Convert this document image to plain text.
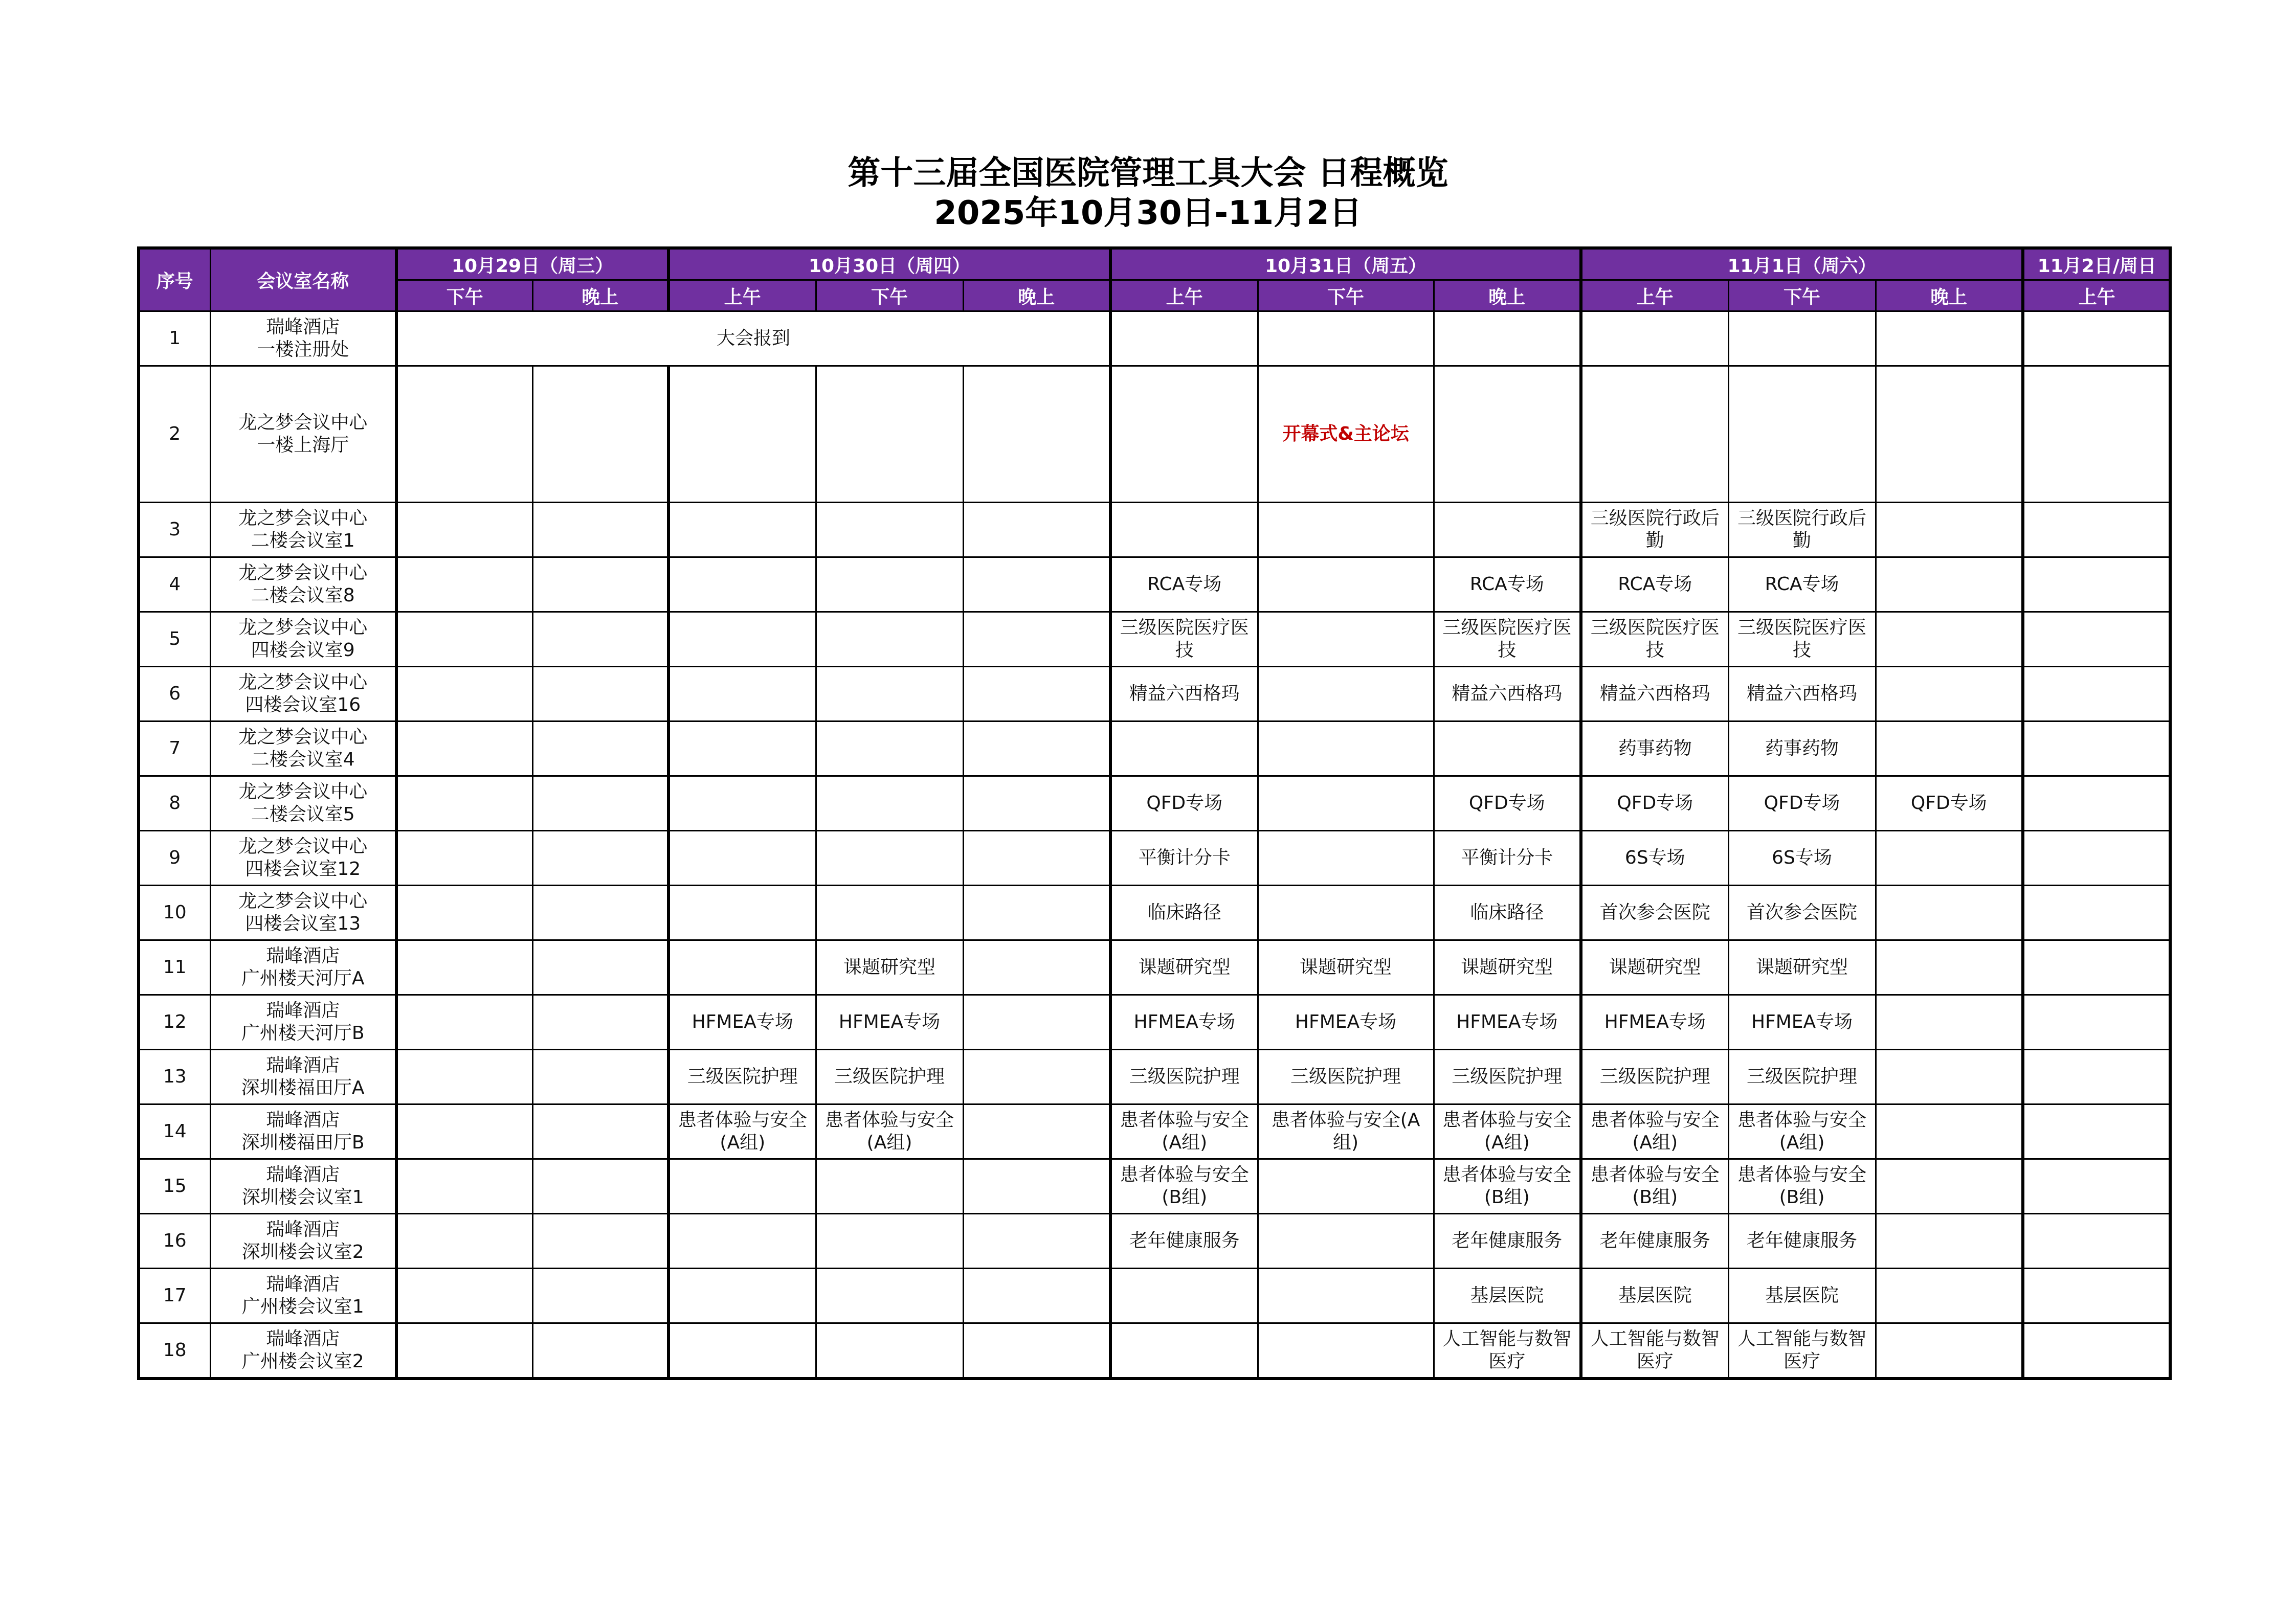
第十三届全国医院管理工具大会 日程概览
2025年10月30日-11月2日
序号	会议室名称	10月29日（周三）		10月30日（周四）			10月31日（周五）			11月1日（周六）			11月2日/周日	
		下午	晚上	上午	下午	晚上	上午	下午	晚上	上午	下午	晚上	上午	
1	瑞峰酒店
一楼注册处	大会报到												
2	龙之梦会议中心
一楼上海厅							开幕式&主论坛						
3	龙之梦会议中心
二楼会议室1									三级医院行政后勤	三级医院行政后勤			
4	龙之梦会议中心
二楼会议室8						RCA专场		RCA专场	RCA专场	RCA专场			
5	龙之梦会议中心
四楼会议室9						三级医院医疗医技		三级医院医疗医技	三级医院医疗医技	三级医院医疗医技			
6	龙之梦会议中心
四楼会议室16						精益六西格玛		精益六西格玛	精益六西格玛	精益六西格玛			
7	龙之梦会议中心
二楼会议室4									药事药物	药事药物			
8	龙之梦会议中心
二楼会议室5						QFD专场		QFD专场	QFD专场	QFD专场	QFD专场		
9	龙之梦会议中心
四楼会议室12						平衡计分卡		平衡计分卡	6S专场	6S专场			
10	龙之梦会议中心
四楼会议室13						临床路径		临床路径	首次参会医院	首次参会医院			
11	瑞峰酒店
广州楼天河厅A				课题研究型		课题研究型	课题研究型	课题研究型	课题研究型	课题研究型			
12	瑞峰酒店
广州楼天河厅B			HFMEA专场	HFMEA专场		HFMEA专场	HFMEA专场	HFMEA专场	HFMEA专场	HFMEA专场			
13	瑞峰酒店
深圳楼福田厅A			三级医院护理	三级医院护理		三级医院护理	三级医院护理	三级医院护理	三级医院护理	三级医院护理			
14	瑞峰酒店
深圳楼福田厅B			患者体验与安全(A组)	患者体验与安全(A组)		患者体验与安全(A组)	患者体验与安全(A组)	患者体验与安全(A组)	患者体验与安全(A组)	患者体验与安全(A组)			
15	瑞峰酒店
深圳楼会议室1						患者体验与安全(B组)		患者体验与安全(B组)	患者体验与安全(B组)	患者体验与安全(B组)			
16	瑞峰酒店
深圳楼会议室2						老年健康服务		老年健康服务	老年健康服务	老年健康服务			
17	瑞峰酒店
广州楼会议室1								基层医院	基层医院	基层医院			
18	瑞峰酒店
广州楼会议室2								人工智能与数智医疗	人工智能与数智医疗	人工智能与数智医疗			
